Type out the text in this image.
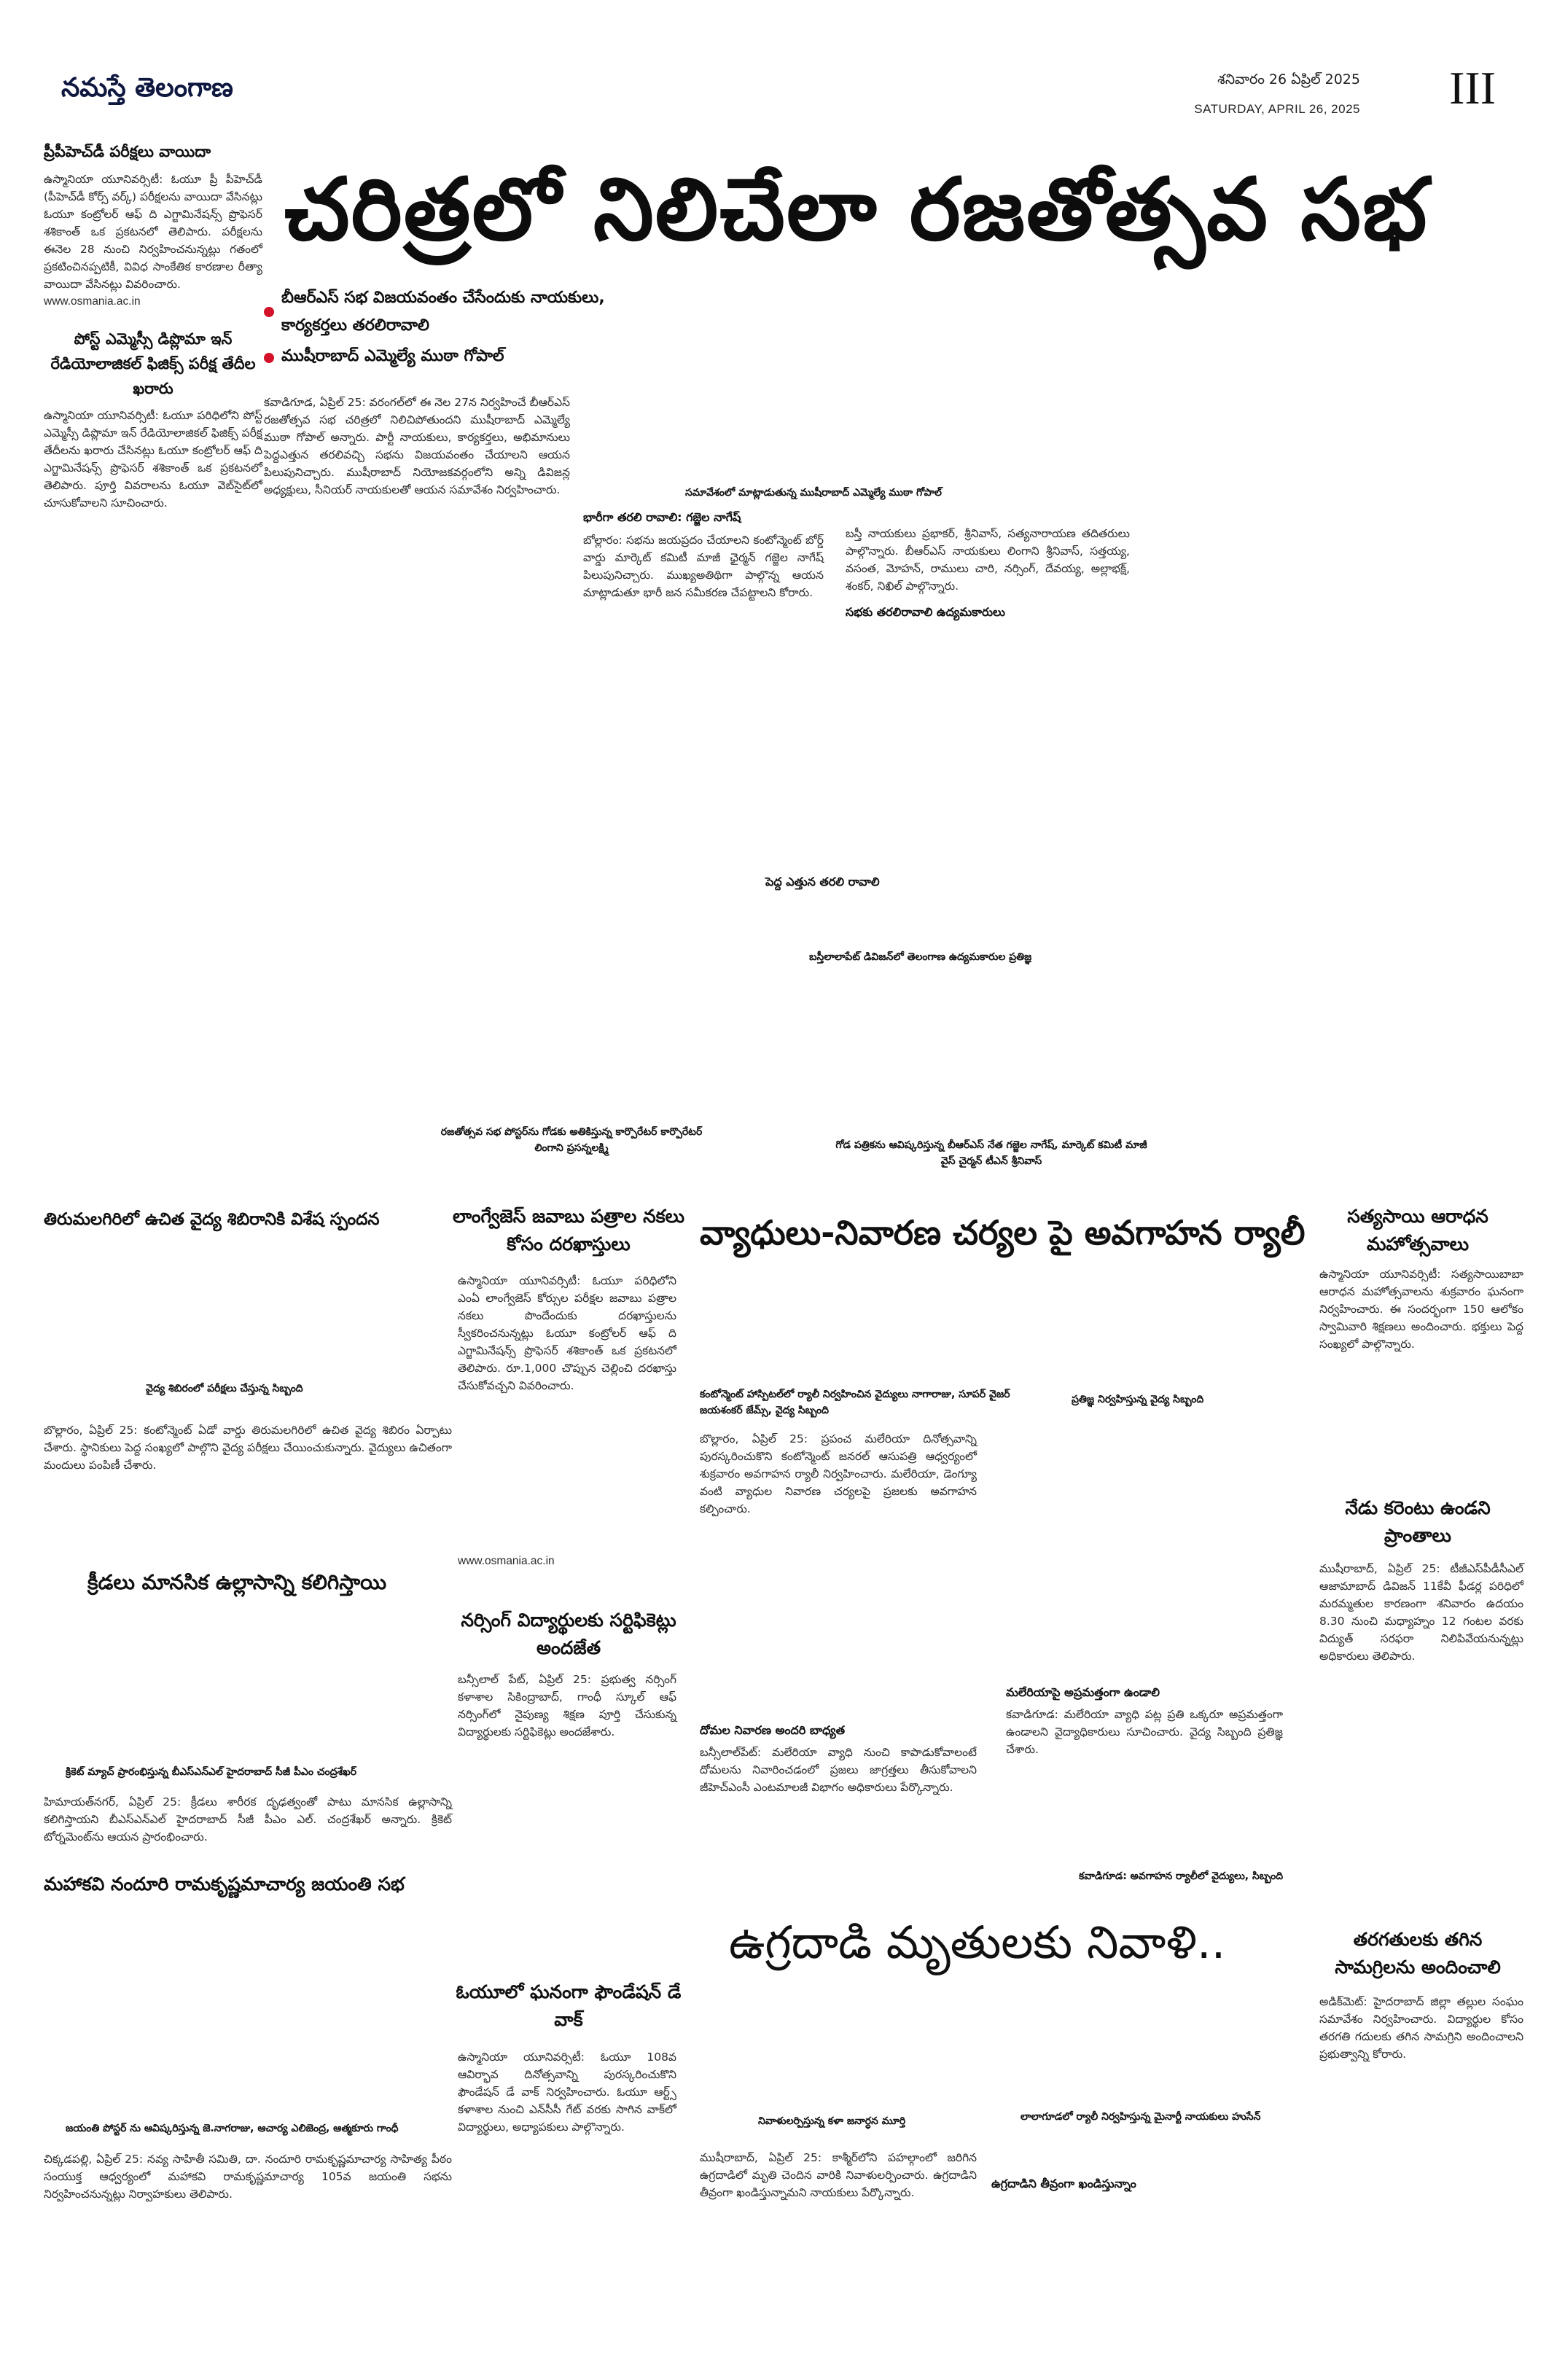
నమస్తే తెలంగాణ	శనివారం 26 ఏప్రిల్ 2025
SATURDAY, APRIL 26, 2025 III
ప్రీపీహెచ్‌డీ పరీక్షలు వాయిదా
ఉస్మానియా యూనివర్సిటీ: ఓయూ ప్రీ పీహెచ్‌డీ (పీహెచ్‌డీ కోర్స్ వర్క్) పరీక్షలను వాయిదా వేసినట్లు ఓయూ కంట్రోలర్ ఆఫ్ ది ఎగ్జామినేషన్స్ ప్రొఫెసర్ శశికాంత్ ఒక ప్రకటనలో తెలిపారు. పరీక్షలను ఈనెల 28 నుంచి నిర్వహించనున్నట్లు గతంలో ప్రకటించినప్పటికీ, వివిధ సాంకేతిక కారణాల రీత్యా వాయిదా వేసినట్లు వివరించారు.
www.osmania.ac.in
పోస్ట్ ఎమ్మెస్సీ డిప్లొమా ఇన్ రేడియోలాజికల్ ఫిజిక్స్ పరీక్ష తేదీల ఖరారు
ఉస్మానియా యూనివర్సిటీ: ఓయూ పరిధిలోని పోస్ట్ ఎమ్మెస్సీ డిప్లొమా ఇన్ రేడియోలాజికల్ ఫిజిక్స్ పరీక్ష తేదీలను ఖరారు చేసినట్లు ఓయూ కంట్రోలర్ ఆఫ్ ది ఎగ్జామినేషన్స్ ప్రొఫెసర్ శశికాంత్ ఒక ప్రకటనలో తెలిపారు. పూర్తి వివరాలను ఓయూ వెబ్‌సైట్‌లో చూసుకోవాలని సూచించారు.
చరిత్రలో నిలిచేలా రజతోత్సవ సభ
బీఆర్ఎస్ సభ విజయవంతం చేసేందుకు నాయకులు, కార్యకర్తలు తరలిరావాలి
ముషీరాబాద్ ఎమ్మెల్యే ముఠా గోపాల్
కవాడిగూడ, ఏప్రిల్ 25: వరంగల్‌లో ఈ నెల 27న నిర్వహించే బీఆర్ఎస్ రజతోత్సవ సభ చరిత్రలో నిలిచిపోతుందని ముషీరాబాద్ ఎమ్మెల్యే ముఠా గోపాల్ అన్నారు. పార్టీ నాయకులు, కార్యకర్తలు, అభిమానులు పెద్దఎత్తున తరలివచ్చి సభను విజయవంతం చేయాలని ఆయన పిలుపునిచ్చారు. ముషీరాబాద్ నియోజకవర్గంలోని అన్ని డివిజన్ల అధ్యక్షులు, సీనియర్ నాయకులతో ఆయన సమావేశం నిర్వహించారు.	సమావేశంలో మాట్లాడుతున్న ముషీరాబాద్ ఎమ్మెల్యే ముఠా గోపాల్
భారీగా తరలి రావాలి: గజ్జెల నాగేష్
బోల్లారం: సభను జయప్రదం చేయాలని కంటోన్మెంట్ బోర్డ్ వార్డు మార్కెట్ కమిటీ మాజీ ఛైర్మన్ గజ్జెల నాగేష్ పిలుపునిచ్చారు. ముఖ్యఅతిథిగా పాల్గొన్న ఆయన మాట్లాడుతూ భారీ జన సమీకరణ చేపట్టాలని కోరారు.
బస్తీ నాయకులు ప్రభాకర్, శ్రీనివాస్, సత్యనారాయణ తదితరులు పాల్గొన్నారు. బీఆర్ఎస్ నాయకులు లింగాని శ్రీనివాస్, సత్తయ్య, వసంత, మోహన్, రాములు చారి, నర్సింగ్, దేవయ్య, అల్లాభక్ష్, శంకర్, నిఖిల్ పాల్గొన్నారు.
సభకు తరలిరావాలి ఉద్యమకారులు
పెద్ద ఎత్తున తరలి రావాలి
బస్తీలాలాపేట్ డివిజన్‌లో తెలంగాణ ఉద్యమకారుల ప్రతిజ్ఞ
రజతోత్సవ సభ పోస్టర్‌ను గోడకు అతికిస్తున్న కార్పొరేటర్ కార్పొరేటర్ లింగాని ప్రసన్నలక్ష్మి	గోడ పత్రికను ఆవిష్కరిస్తున్న బీఆర్ఎస్ నేత గజ్జెల నాగేష్, మార్కెట్ కమిటీ మాజీ వైస్ చైర్మన్ టీఎన్ శ్రీనివాస్
తిరుమలగిరిలో ఉచిత వైద్య శిబిరానికి విశేష స్పందన
వైద్య శిబిరంలో పరీక్షలు చేస్తున్న సిబ్బంది
బొల్లారం, ఏప్రిల్ 25: కంటోన్మెంట్ ఏడో వార్డు తిరుమలగిరిలో ఉచిత వైద్య శిబిరం ఏర్పాటు చేశారు. స్థానికులు పెద్ద సంఖ్యలో పాల్గొని వైద్య పరీక్షలు చేయించుకున్నారు. వైద్యులు ఉచితంగా మందులు పంపిణీ చేశారు.
క్రీడలు మానసిక ఉల్లాసాన్ని కలిగిస్తాయి
క్రికెట్ మ్యాచ్ ప్రారంభిస్తున్న బీఎస్ఎన్ఎల్ హైదరాబాద్ సీజీ పీఎం చంద్రశేఖర్
హిమాయత్‌నగర్, ఏప్రిల్ 25: క్రీడలు శారీరక దృఢత్వంతో పాటు మానసిక ఉల్లాసాన్ని కలిగిస్తాయని బీఎస్ఎన్ఎల్ హైదరాబాద్ సీజీ పీఎం ఎల్. చంద్రశేఖర్ అన్నారు. క్రికెట్ టోర్నమెంట్‌ను ఆయన ప్రారంభించారు.
మహాకవి నందూరి రామకృష్ణమాచార్య జయంతి సభ
జయంతి పోస్టర్ ను ఆవిష్కరిస్తున్న జె.నాగరాజు, ఆచార్య ఎలిజెంద్ర, ఆత్మకూరు గాంధీ
చిక్కడపల్లి, ఏప్రిల్ 25: నవ్య సాహితీ సమితి, దా. నందూరి రామకృష్ణమాచార్య సాహిత్య పీఠం సంయుక్త ఆధ్వర్యంలో మహాకవి రామకృష్ణమాచార్య 105వ జయంతి సభను నిర్వహించనున్నట్లు నిర్వాహకులు తెలిపారు.
లాంగ్వేజెస్ జవాబు పత్రాల నకలు కోసం దరఖాస్తులు
ఉస్మానియా యూనివర్సిటీ: ఓయూ పరిధిలోని ఎంఏ లాంగ్వేజెస్ కోర్సుల పరీక్షల జవాబు పత్రాల నకలు పొందేందుకు దరఖాస్తులను స్వీకరించనున్నట్లు ఓయూ కంట్రోలర్ ఆఫ్ ది ఎగ్జామినేషన్స్ ప్రొఫెసర్ శశికాంత్ ఒక ప్రకటనలో తెలిపారు. రూ.1,000 చొప్పున చెల్లించి దరఖాస్తు చేసుకోవచ్చని వివరించారు.
www.osmania.ac.in
నర్సింగ్ విద్యార్థులకు సర్టిఫికెట్లు అందజేత
బన్సీలాల్ పేట్, ఏప్రిల్ 25: ప్రభుత్వ నర్సింగ్ కళాశాల సికింద్రాబాద్, గాంధీ స్కూల్ ఆఫ్ నర్సింగ్‌లో నైపుణ్య శిక్షణ పూర్తి చేసుకున్న విద్యార్థులకు సర్టిఫికెట్లు అందజేశారు.
ఓయూలో ఘనంగా ఫౌండేషన్ డే వాక్
ఉస్మానియా యూనివర్సిటీ: ఓయూ 108వ ఆవిర్భావ దినోత్సవాన్ని పురస్కరించుకొని ఫౌండేషన్ డే వాక్ నిర్వహించారు. ఓయూ ఆర్ట్స్ కళాశాల నుంచి ఎన్‌సీసీ గేట్ వరకు సాగిన వాక్‌లో విద్యార్థులు, అధ్యాపకులు పాల్గొన్నారు.
వ్యాధులు-నివారణ చర్యల పై అవగాహన ర్యాలీ
కంటోన్మెంట్ హాస్పిటల్‌లో ర్యాలీ నిర్వహించిన వైద్యులు నాగారాజు, సూపర్ వైజర్ జయశంకర్ జేమ్స్, వైద్య సిబ్బంది
ప్రతిజ్ఞ నిర్వహిస్తున్న వైద్య సిబ్బంది
బొల్లారం, ఏప్రిల్ 25: ప్రపంచ మలేరియా దినోత్సవాన్ని పురస్కరించుకొని కంటోన్మెంట్ జనరల్ ఆసుపత్రి ఆధ్వర్యంలో శుక్రవారం అవగాహన ర్యాలీ నిర్వహించారు. మలేరియా, డెంగ్యూ వంటి వ్యాధుల నివారణ చర్యలపై ప్రజలకు అవగాహన కల్పించారు.
మలేరియాపై అప్రమత్తంగా ఉండాలి
కవాడిగూడ: మలేరియా వ్యాధి పట్ల ప్రతి ఒక్కరూ అప్రమత్తంగా ఉండాలని వైద్యాధికారులు సూచించారు. వైద్య సిబ్బంది ప్రతిజ్ఞ చేశారు.
దోమల నివారణ అందరి బాధ్యత
బన్సీలాల్‌పేట్: మలేరియా వ్యాధి నుంచి కాపాడుకోవాలంటే దోమలను నివారించడంలో ప్రజలు జాగ్రత్తలు తీసుకోవాలని జీహెచ్ఎంసీ ఎంటమాలజీ విభాగం అధికారులు పేర్కొన్నారు.
కవాడిగూడ: అవగాహన ర్యాలీలో వైద్యులు, సిబ్బంది
ఉగ్రదాడి మృతులకు నివాళి..
నివాళులర్పిస్తున్న కళా జనార్ధన మూర్తి	లాలాగూడలో ర్యాలీ నిర్వహిస్తున్న మైనార్టీ నాయకులు హుసేన్
ఉగ్రదాడిని తీవ్రంగా ఖండిస్తున్నాం
ముషీరాబాద్, ఏప్రిల్ 25: కాశ్మీర్‌లోని పహల్గాంలో జరిగిన ఉగ్రదాడిలో మృతి చెందిన వారికి నివాళులర్పించారు. ఉగ్రదాడిని తీవ్రంగా ఖండిస్తున్నామని నాయకులు పేర్కొన్నారు.
సత్యసాయి ఆరాధన మహోత్సవాలు
ఉస్మానియా యూనివర్సిటీ: సత్యసాయిబాబా ఆరాధన మహోత్సవాలను శుక్రవారం ఘనంగా నిర్వహించారు. ఈ సందర్భంగా 150 ఆలోకం స్వామివారి శిక్షణలు అందించారు. భక్తులు పెద్ద సంఖ్యలో పాల్గొన్నారు.
నేడు కరెంటు ఉండని ప్రాంతాలు
ముషీరాబాద్, ఏప్రిల్ 25: టీజీఎస్‌పీడీసీఎల్ ఆజామాబాద్ డివిజన్ 11కేవీ ఫీడర్ల పరిధిలో మరమ్మతుల కారణంగా శనివారం ఉదయం 8.30 నుంచి మధ్యాహ్నం 12 గంటల వరకు విద్యుత్ సరఫరా నిలిపివేయనున్నట్లు అధికారులు తెలిపారు.
తరగతులకు తగిన సామగ్రిలను అందించాలి
అడిక్‌మెట్: హైదరాబాద్ జిల్లా తల్లుల సంఘం సమావేశం నిర్వహించారు. విద్యార్థుల కోసం తరగతి గదులకు తగిన సామగ్రిని అందించాలని ప్రభుత్వాన్ని కోరారు.
